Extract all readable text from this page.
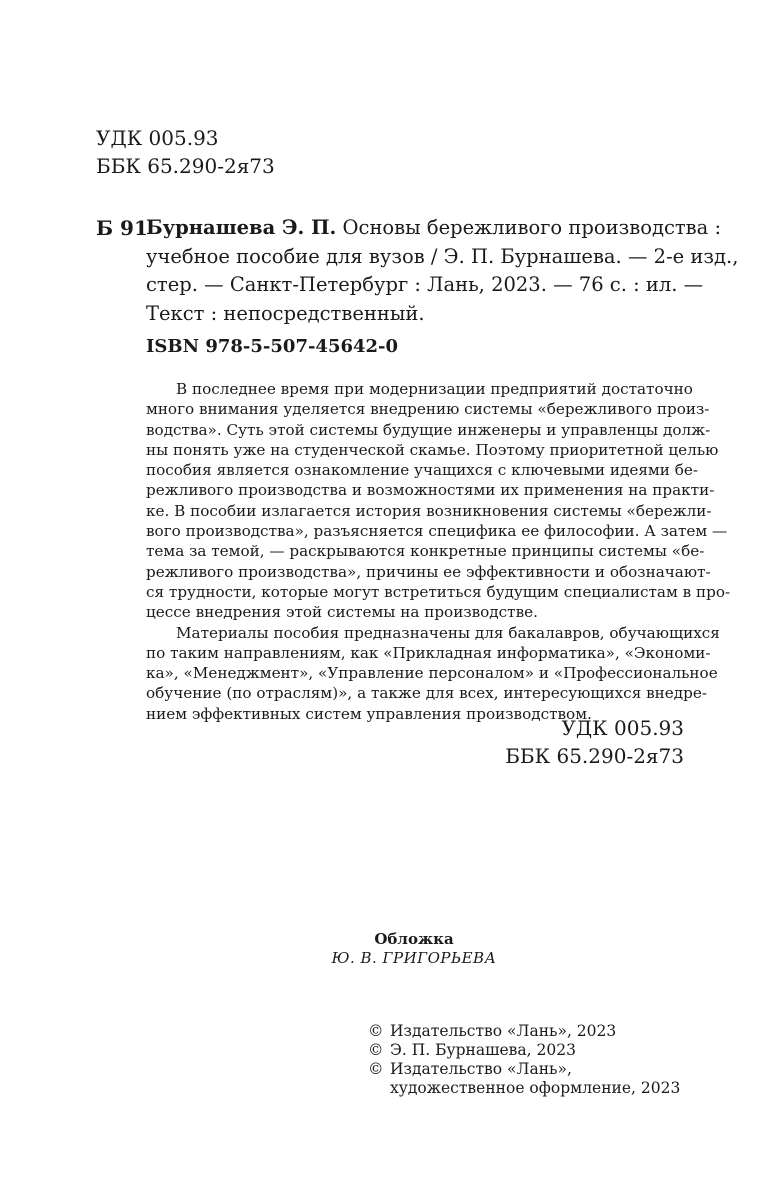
УДК 005.93
ББК 65.290-2я73
Б 91
Бурнашева Э. П. Основы бережливого производства :
учебное пособие для вузов / Э. П. Бурнашева. — 2-е изд.,
стер. — Санкт-Петербург : Лань, 2023. — 76 с. : ил. —
Текст : непосредственный.
ISBN 978-5-507-45642-0
В последнее время при модернизации предприятий достаточно
много внимания уделяется внедрению системы «бережливого произ-
водства». Суть этой системы будущие инженеры и управленцы долж-
ны понять уже на студенческой скамье. Поэтому приоритетной целью
пособия является ознакомление учащихся с ключевыми идеями бе-
режливого производства и возможностями их применения на практи-
ке. В пособии излагается история возникновения системы «бережли-
вого производства», разъясняется специфика ее философии. А затем —
тема за темой, — раскрываются конкретные принципы системы «бе-
режливого производства», причины ее эффективности и обозначают-
ся трудности, которые могут встретиться будущим специалистам в про-
цессе внедрения этой системы на производстве.
Материалы пособия предназначены для бакалавров, обучающихся
по таким направлениям, как «Прикладная информатика», «Экономи-
ка», «Менеджмент», «Управление персоналом» и «Профессиональное
обучение (по отраслям)», а также для всех, интересующихся внедре-
нием эффективных систем управления производством.
УДК 005.93
ББК 65.290-2я73
Обложка
Ю. В. ГРИГОРЬЕВА
© Издательство «Лань», 2023
© Э. П. Бурнашева, 2023
© Издательство «Лань»,
художественное оформление, 2023
